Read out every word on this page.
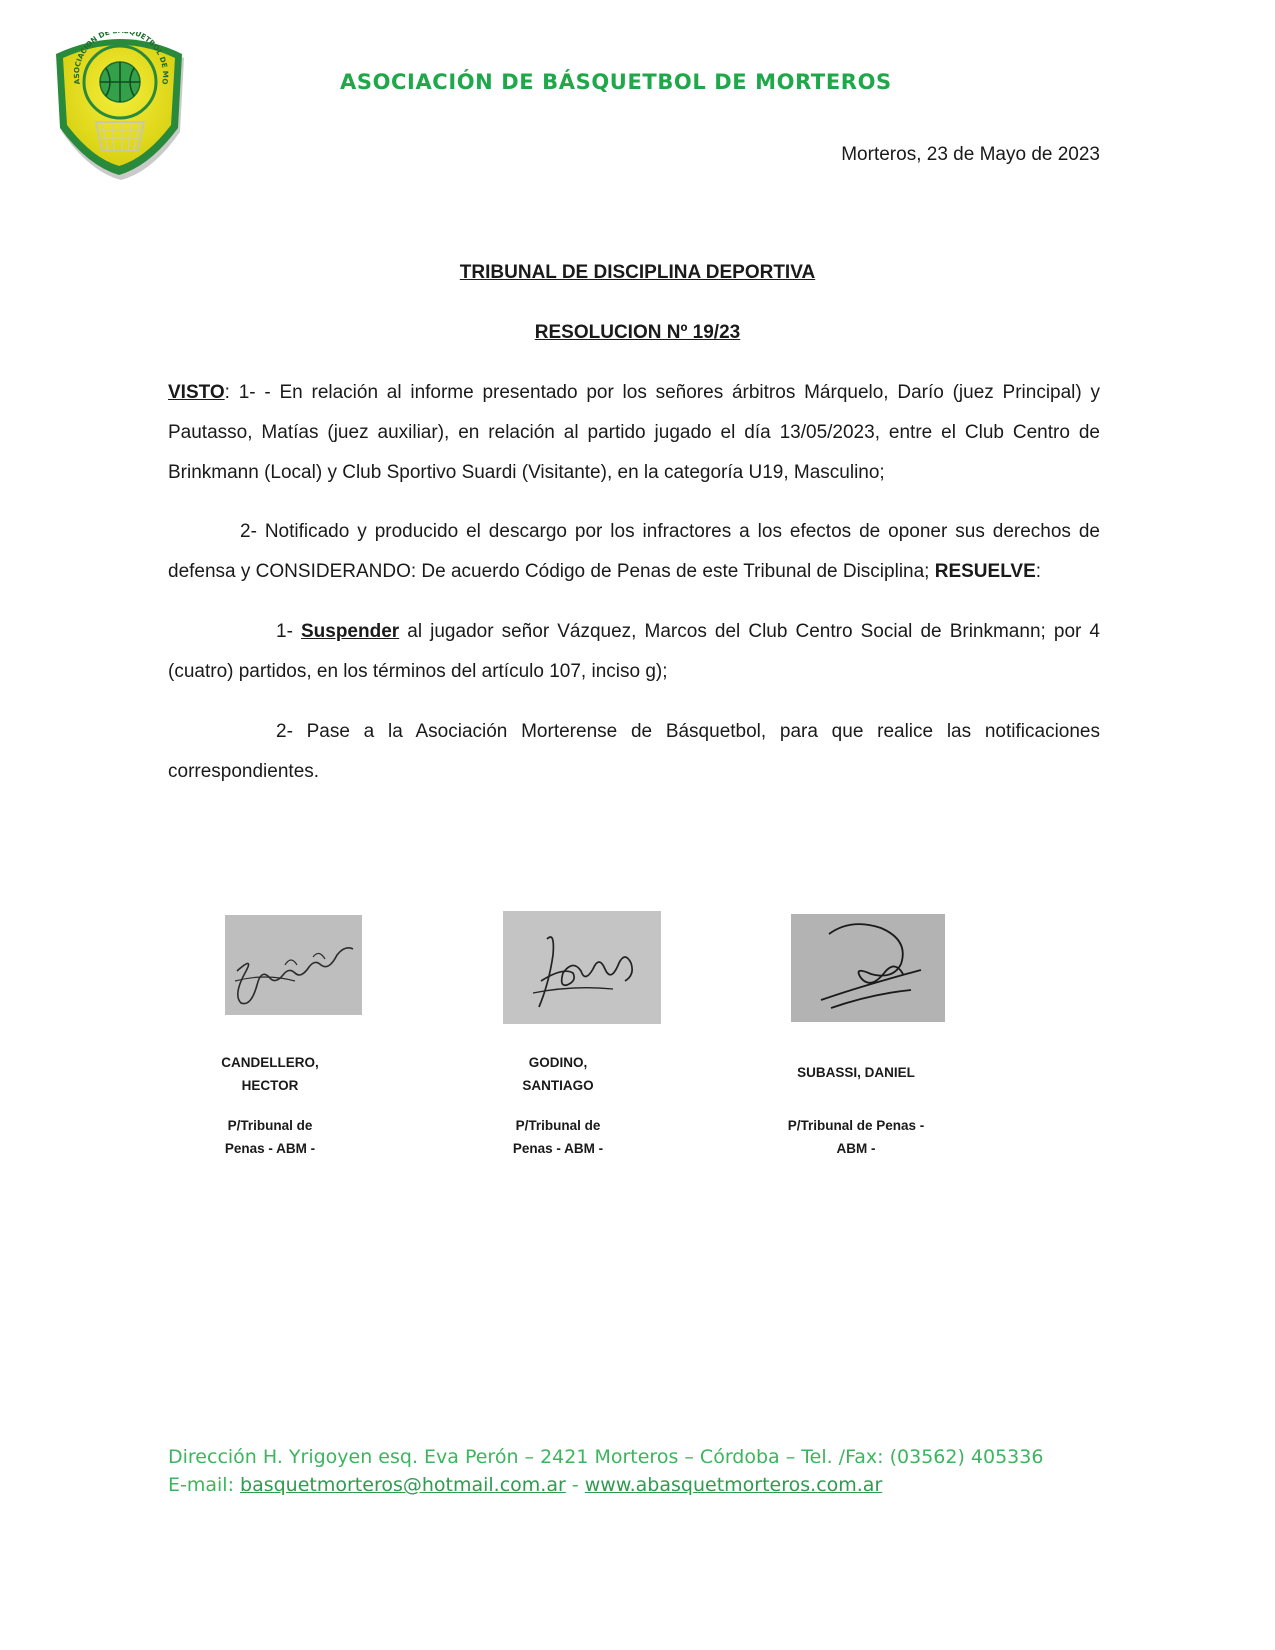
ASOCIACION DE UETBOL DE MO	ASOCIACIÓN DE BÁSQUETBOL DE MORTEROS
Morteros, 23 de Mayo de 2023
TRIBUNAL DE DISCIPLINA DEPORTIVA
RESOLUCION Nº 19/23
VISTO: 1- - En relación al informe presentado por los señores árbitros Márquelo, Darío (juez Principal) y Pautasso, Matías (juez auxiliar), en relación al partido jugado el día 13/05/2023, entre el Club Centro de Brinkmann (Local) y Club Sportivo Suardi (Visitante), en la categoría U19, Masculino;
2- Notificado y producido el descargo por los infractores a los efectos de oponer sus derechos de defensa y CONSIDERANDO: De acuerdo Código de Penas de este Tribunal de Disciplina; RESUELVE:
1- Suspender al jugador señor Vázquez, Marcos del Club Centro Social de Brinkmann; por 4 (cuatro) partidos, en los términos del artículo 107, inciso g);
2- Pase a la Asociación Morterense de Básquetbol, para que realice las notificaciones correspondientes.
CANDELLERO,
HECTOR
P/Tribunal de
Penas - ABM -
GODINO,
SANTIAGO
P/Tribunal de
Penas - ABM -
SUBASSI, DANIEL
P/Tribunal de Penas -
ABM -
Dirección H. Yrigoyen esq. Eva Perón – 2421 Morteros – Córdoba – Tel. /Fax: (03562) 405336
E-mail: basquetmorteros@hotmail.com.ar - www.abasquetmorteros.com.ar
